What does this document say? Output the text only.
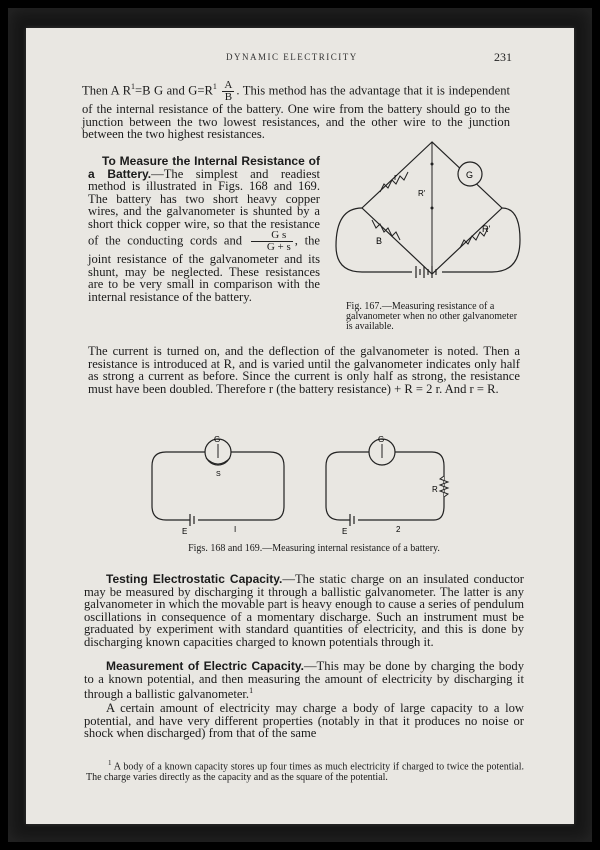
DYNAMIC ELECTRICITY	231
Then A $R^1=B$ G and $G=R^1 \frac{A}{B}$ . This method has the advantage that it is independent of the internal resistance of the battery. One wire from the battery should go to the junction between the two lowest resistances, and the other wire to the junction between the two highest resistances.
To Measure the Internal Resistance of a Battery.—The simplest and readiest method is illustrated in Figs. 168 and 169. The battery has two short heavy copper wires, and the galvanometer is shunted by a short thick copper wire, so that the resistance of the conducting cords and $\frac{\text{G s}}{G + s}$ , the joint resistance of the galvanometer and its shunt, may be neglected. These resistances are to be very small in comparison with the internal resistance of the battery.
G
r
R'
B
R'
Fig. 167.—Measuring resistance of a galvanometer when no other galvanometer is available.
The current is turned on, and the deflection of the galvanometer is noted. Then a resistance is introduced at R, and is varied until the galvanometer indicates only half as strong a current as before. Since the current is only half as strong, the resistance must have been doubled. Therefore r (the battery resistance) + R = 2 r. And r = R.
G
S
E	I
G
R
E	2
Figs. 168 and 169.—Measuring internal resistance of a battery.
Testing Electrostatic Capacity.—The static charge on an insulated conductor may be measured by discharging it through a ballistic galvanometer. The latter is any galvanometer in which the movable part is heavy enough to cause a series of pendulum oscillations in consequence of a momentary discharge. Such an instrument must be graduated by experiment with standard quantities of electricity, and this is done by discharging known capacities charged to known potentials through it.
Measurement of Electric Capacity.—This may be done by charging the body to a known potential, and then measuring the amount of electricity by discharging it through a ballistic galvanometer.$^1$
A certain amount of electricity may charge a body of large capacity to a low potential, and have very different properties (notably in that it produces no noise or shock when discharged) from that of the same
$^1$ A body of a known capacity stores up four times as much electricity if charged to twice the potential. The charge varies directly as the capacity and as the square of the potential.
